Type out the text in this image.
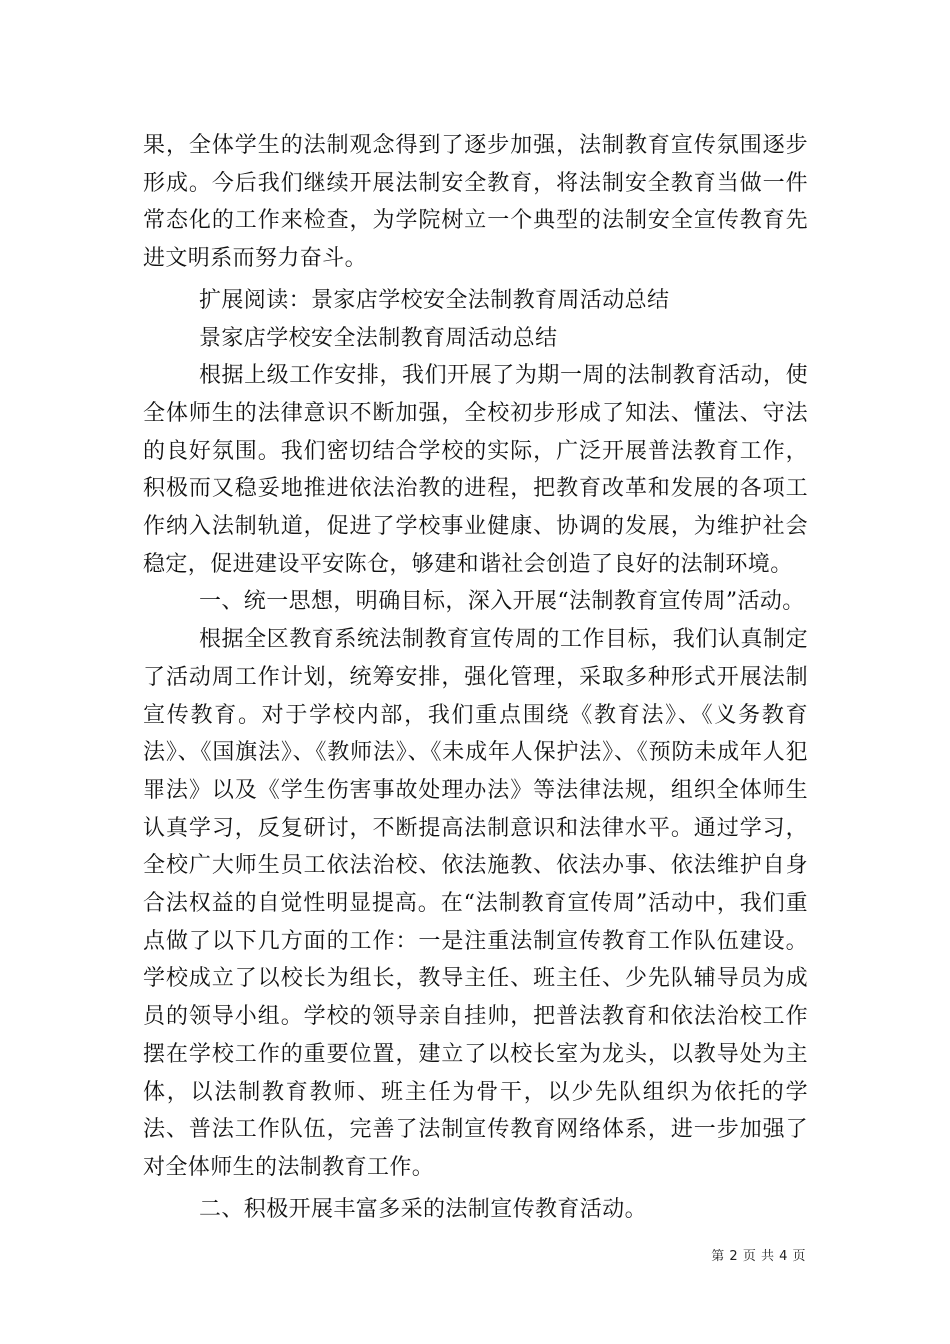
果，全体学生的法制观念得到了逐步加强，法制教育宣传氛围逐步形成。今后我们继续开展法制安全教育，将法制安全教育当做一件常态化的工作来检查，为学院树立一个典型的法制安全宣传教育先进文明系而努力奋斗。

扩展阅读：景家店学校安全法制教育周活动总结

景家店学校安全法制教育周活动总结

根据上级工作安排，我们开展了为期一周的法制教育活动，使全体师生的法律意识不断加强，全校初步形成了知法、懂法、守法的良好氛围。我们密切结合学校的实际，广泛开展普法教育工作，积极而又稳妥地推进依法治教的进程，把教育改革和发展的各项工作纳入法制轨道，促进了学校事业健康、协调的发展，为维护社会稳定，促进建设平安陈仓，够建和谐社会创造了良好的法制环境。

一、统一思想，明确目标，深入开展“法制教育宣传周”活动。

根据全区教育系统法制教育宣传周的工作目标，我们认真制定了活动周工作计划，统筹安排，强化管理，采取多种形式开展法制宣传教育。对于学校内部，我们重点围绕《教育法》、《义务教育法》、《国旗法》、《教师法》、《未成年人保护法》、《预防未成年人犯罪法》以及《学生伤害事故处理办法》等法律法规，组织全体师生认真学习，反复研讨，不断提高法制意识和法律水平。通过学习，全校广大师生员工依法治校、依法施教、依法办事、依法维护自身合法权益的自觉性明显提高。在“法制教育宣传周”活动中，我们重点做了以下几方面的工作：一是注重法制宣传教育工作队伍建设。学校成立了以校长为组长，教导主任、班主任、少先队辅导员为成员的领导小组。学校的领导亲自挂帅，把普法教育和依法治校工作摆在学校工作的重要位置，建立了以校长室为龙头，以教导处为主体，以法制教育教师、班主任为骨干，以少先队组织为依托的学法、普法工作队伍，完善了法制宣传教育网络体系，进一步加强了对全体师生的法制教育工作。

二、积极开展丰富多采的法制宣传教育活动。

第 2 页 共 4 页
